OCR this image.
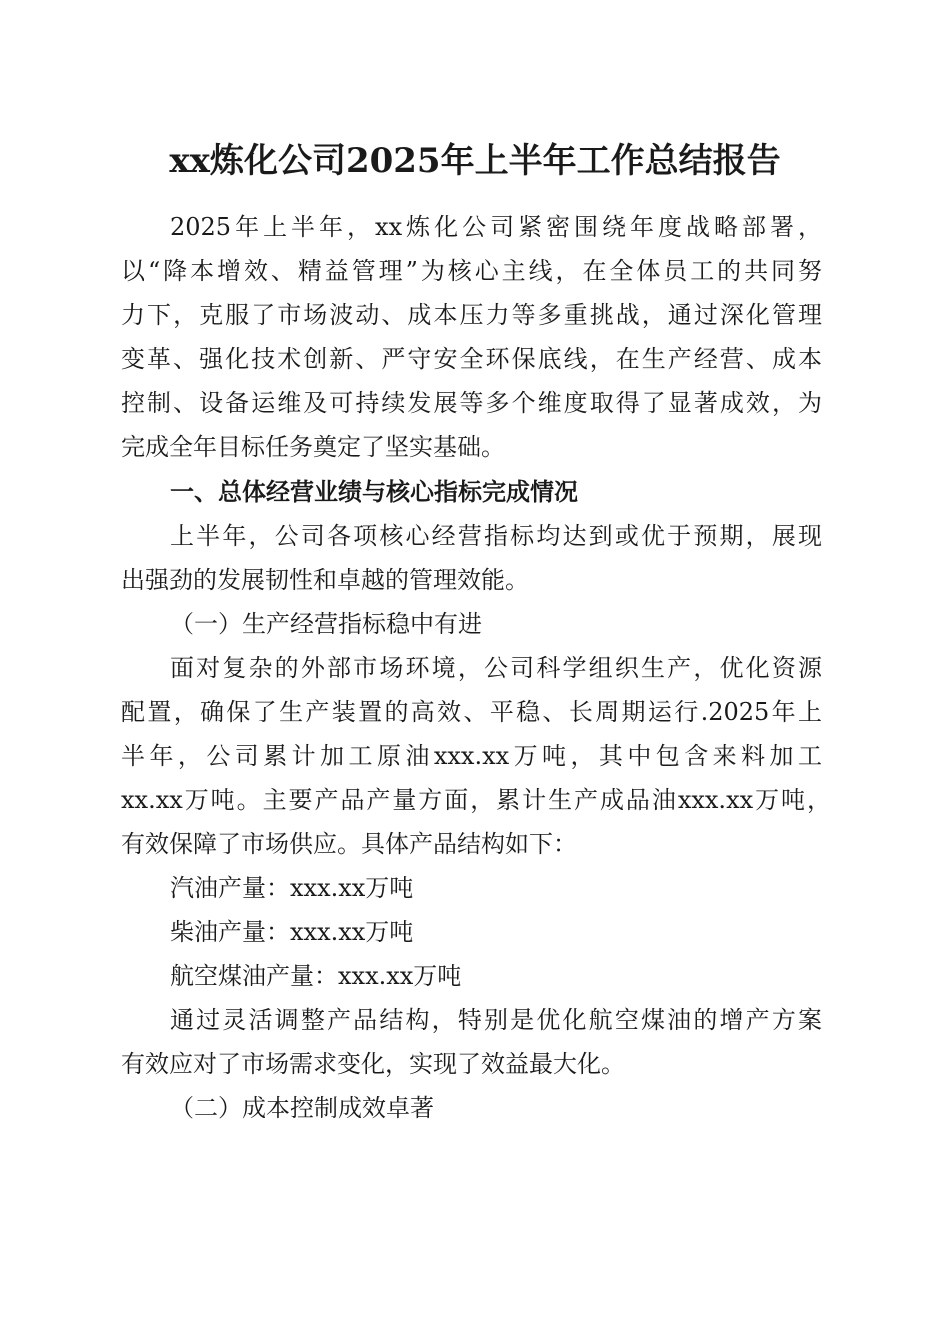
xx炼化公司2025年上半年工作总结报告
2025年上半年，xx炼化公司紧密围绕年度战略部署，
以“降本增效、精益管理”为核心主线，在全体员工的共同努
力下，克服了市场波动、成本压力等多重挑战，通过深化管理
变革、强化技术创新、严守安全环保底线，在生产经营、成本
控制、设备运维及可持续发展等多个维度取得了显著成效，为
完成全年目标任务奠定了坚实基础。
一、总体经营业绩与核心指标完成情况
上半年，公司各项核心经营指标均达到或优于预期，展现
出强劲的发展韧性和卓越的管理效能。
（一）生产经营指标稳中有进
面对复杂的外部市场环境，公司科学组织生产，优化资源
配置，确保了生产装置的高效、平稳、长周期运行.2025年上
半年，公司累计加工原油xxx.xx万吨，其中包含来料加工
xx.xx万吨。主要产品产量方面，累计生产成品油xxx.xx万吨，
有效保障了市场供应。具体产品结构如下：
汽油产量：xxx.xx万吨
柴油产量：xxx.xx万吨
航空煤油产量：xxx.xx万吨
通过灵活调整产品结构，特别是优化航空煤油的增产方案
有效应对了市场需求变化，实现了效益最大化。
（二）成本控制成效卓著
